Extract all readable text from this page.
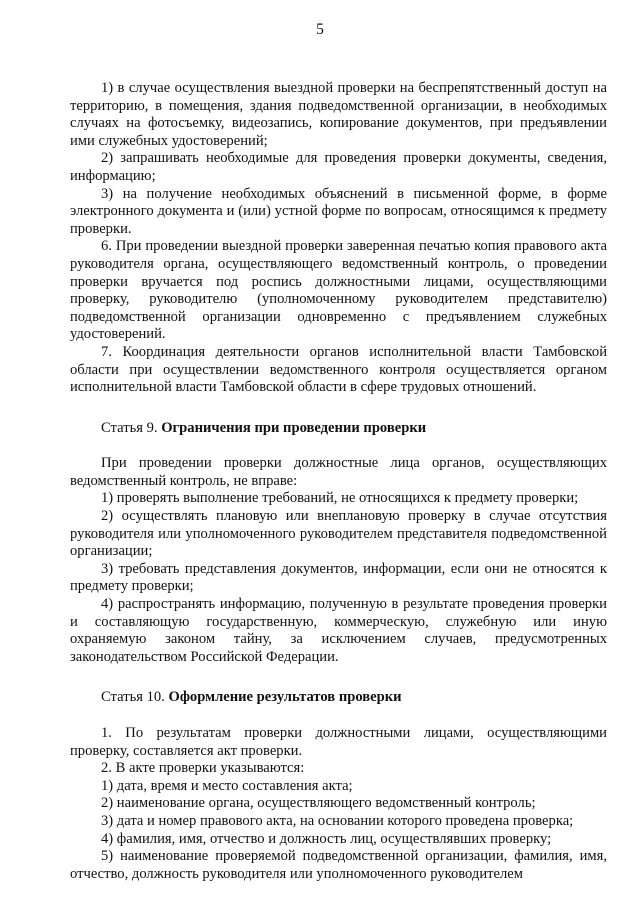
5

1) в случае осуществления выездной проверки на беспрепятственный доступ на территорию, в помещения, здания подведомственной организации, в необходимых случаях на фотосъемку, видеозапись, копирование документов, при предъявлении ими служебных удостоверений;

2) запрашивать необходимые для проведения проверки документы, сведения, информацию;

3) на получение необходимых объяснений в письменной форме, в форме электронного документа и (или) устной форме по вопросам, относящимся к предмету проверки.

6. При проведении выездной проверки заверенная печатью копия правового акта руководителя органа, осуществляющего ведомственный контроль, о проведении проверки вручается под роспись должностными лицами, осуществляющими проверку, руководителю (уполномоченному руководителем представителю) подведомственной организации одновременно с предъявлением служебных удостоверений.

7. Координация деятельности органов исполнительной власти Тамбовской области при осуществлении ведомственного контроля осуществляется органом исполнительной власти Тамбовской области в сфере трудовых отношений.

Статья 9. Ограничения при проведении проверки

При проведении проверки должностные лица органов, осуществляющих ведомственный контроль, не вправе:

1) проверять выполнение требований, не относящихся к предмету проверки;

2) осуществлять плановую или внеплановую проверку в случае отсутствия руководителя или уполномоченного руководителем представителя подведомственной организации;

3) требовать представления документов, информации, если они не относятся к предмету проверки;

4) распространять информацию, полученную в результате проведения проверки и составляющую государственную, коммерческую, служебную или иную охраняемую законом тайну, за исключением случаев, предусмотренных законодательством Российской Федерации.

Статья 10. Оформление результатов проверки

1. По результатам проверки должностными лицами, осуществляющими проверку, составляется акт проверки.

2. В акте проверки указываются:

1) дата, время и место составления акта;

2) наименование органа, осуществляющего ведомственный контроль;

3) дата и номер правового акта, на основании которого проведена проверка;

4) фамилия, имя, отчество и должность лиц, осуществлявших проверку;

5) наименование проверяемой подведомственной организации, фамилия, имя, отчество, должность руководителя или уполномоченного руководителем
